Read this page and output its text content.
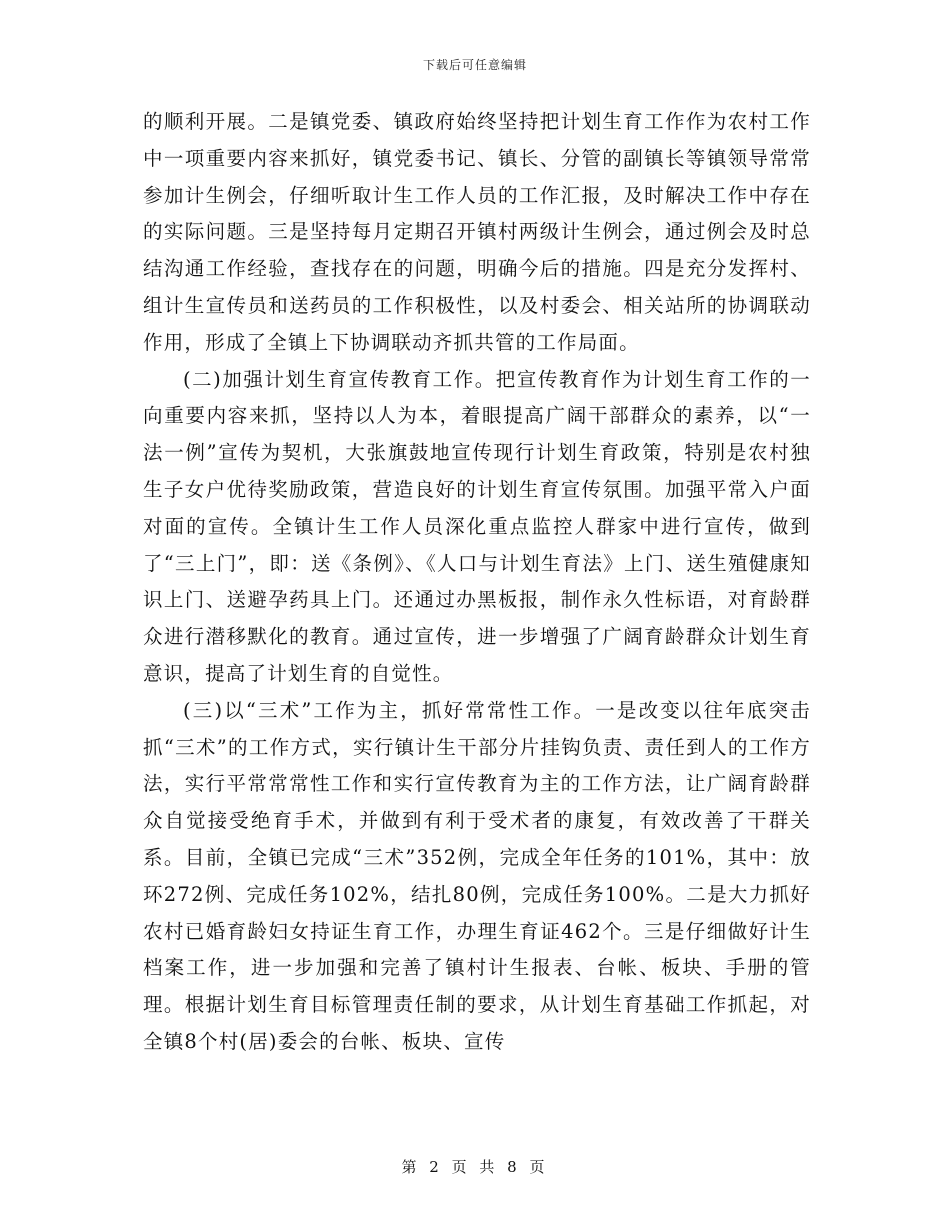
下载后可任意编辑

的顺利开展。二是镇党委、镇政府始终坚持把计划生育工作作为农村工作中一项重要内容来抓好，镇党委书记、镇长、分管的副镇长等镇领导常常参加计生例会，仔细听取计生工作人员的工作汇报，及时解决工作中存在的实际问题。三是坚持每月定期召开镇村两级计生例会，通过例会及时总结沟通工作经验，查找存在的问题，明确今后的措施。四是充分发挥村、组计生宣传员和送药员的工作积极性，以及村委会、相关站所的协调联动作用，形成了全镇上下协调联动齐抓共管的工作局面。

(二)加强计划生育宣传教育工作。把宣传教育作为计划生育工作的一向重要内容来抓，坚持以人为本，着眼提高广阔干部群众的素养，以“一法一例”宣传为契机，大张旗鼓地宣传现行计划生育政策，特别是农村独生子女户优待奖励政策，营造良好的计划生育宣传氛围。加强平常入户面对面的宣传。全镇计生工作人员深化重点监控人群家中进行宣传，做到了“三上门”，即：送《条例》、《人口与计划生育法》上门、送生殖健康知识上门、送避孕药具上门。还通过办黑板报，制作永久性标语，对育龄群众进行潜移默化的教育。通过宣传，进一步增强了广阔育龄群众计划生育意识，提高了计划生育的自觉性。

(三)以“三术”工作为主，抓好常常性工作。一是改变以往年底突击抓“三术”的工作方式，实行镇计生干部分片挂钩负责、责任到人的工作方法，实行平常常常性工作和实行宣传教育为主的工作方法，让广阔育龄群众自觉接受绝育手术，并做到有利于受术者的康复，有效改善了干群关系。目前，全镇已完成“三术”352例，完成全年任务的101%，其中：放环272例、完成任务102%，结扎80例，完成任务100%。二是大力抓好农村已婚育龄妇女持证生育工作，办理生育证462个。三是仔细做好计生档案工作，进一步加强和完善了镇村计生报表、台帐、板块、手册的管理。根据计划生育目标管理责任制的要求，从计划生育基础工作抓起，对全镇8个村(居)委会的台帐、板块、宣传

第 2 页 共 8 页
